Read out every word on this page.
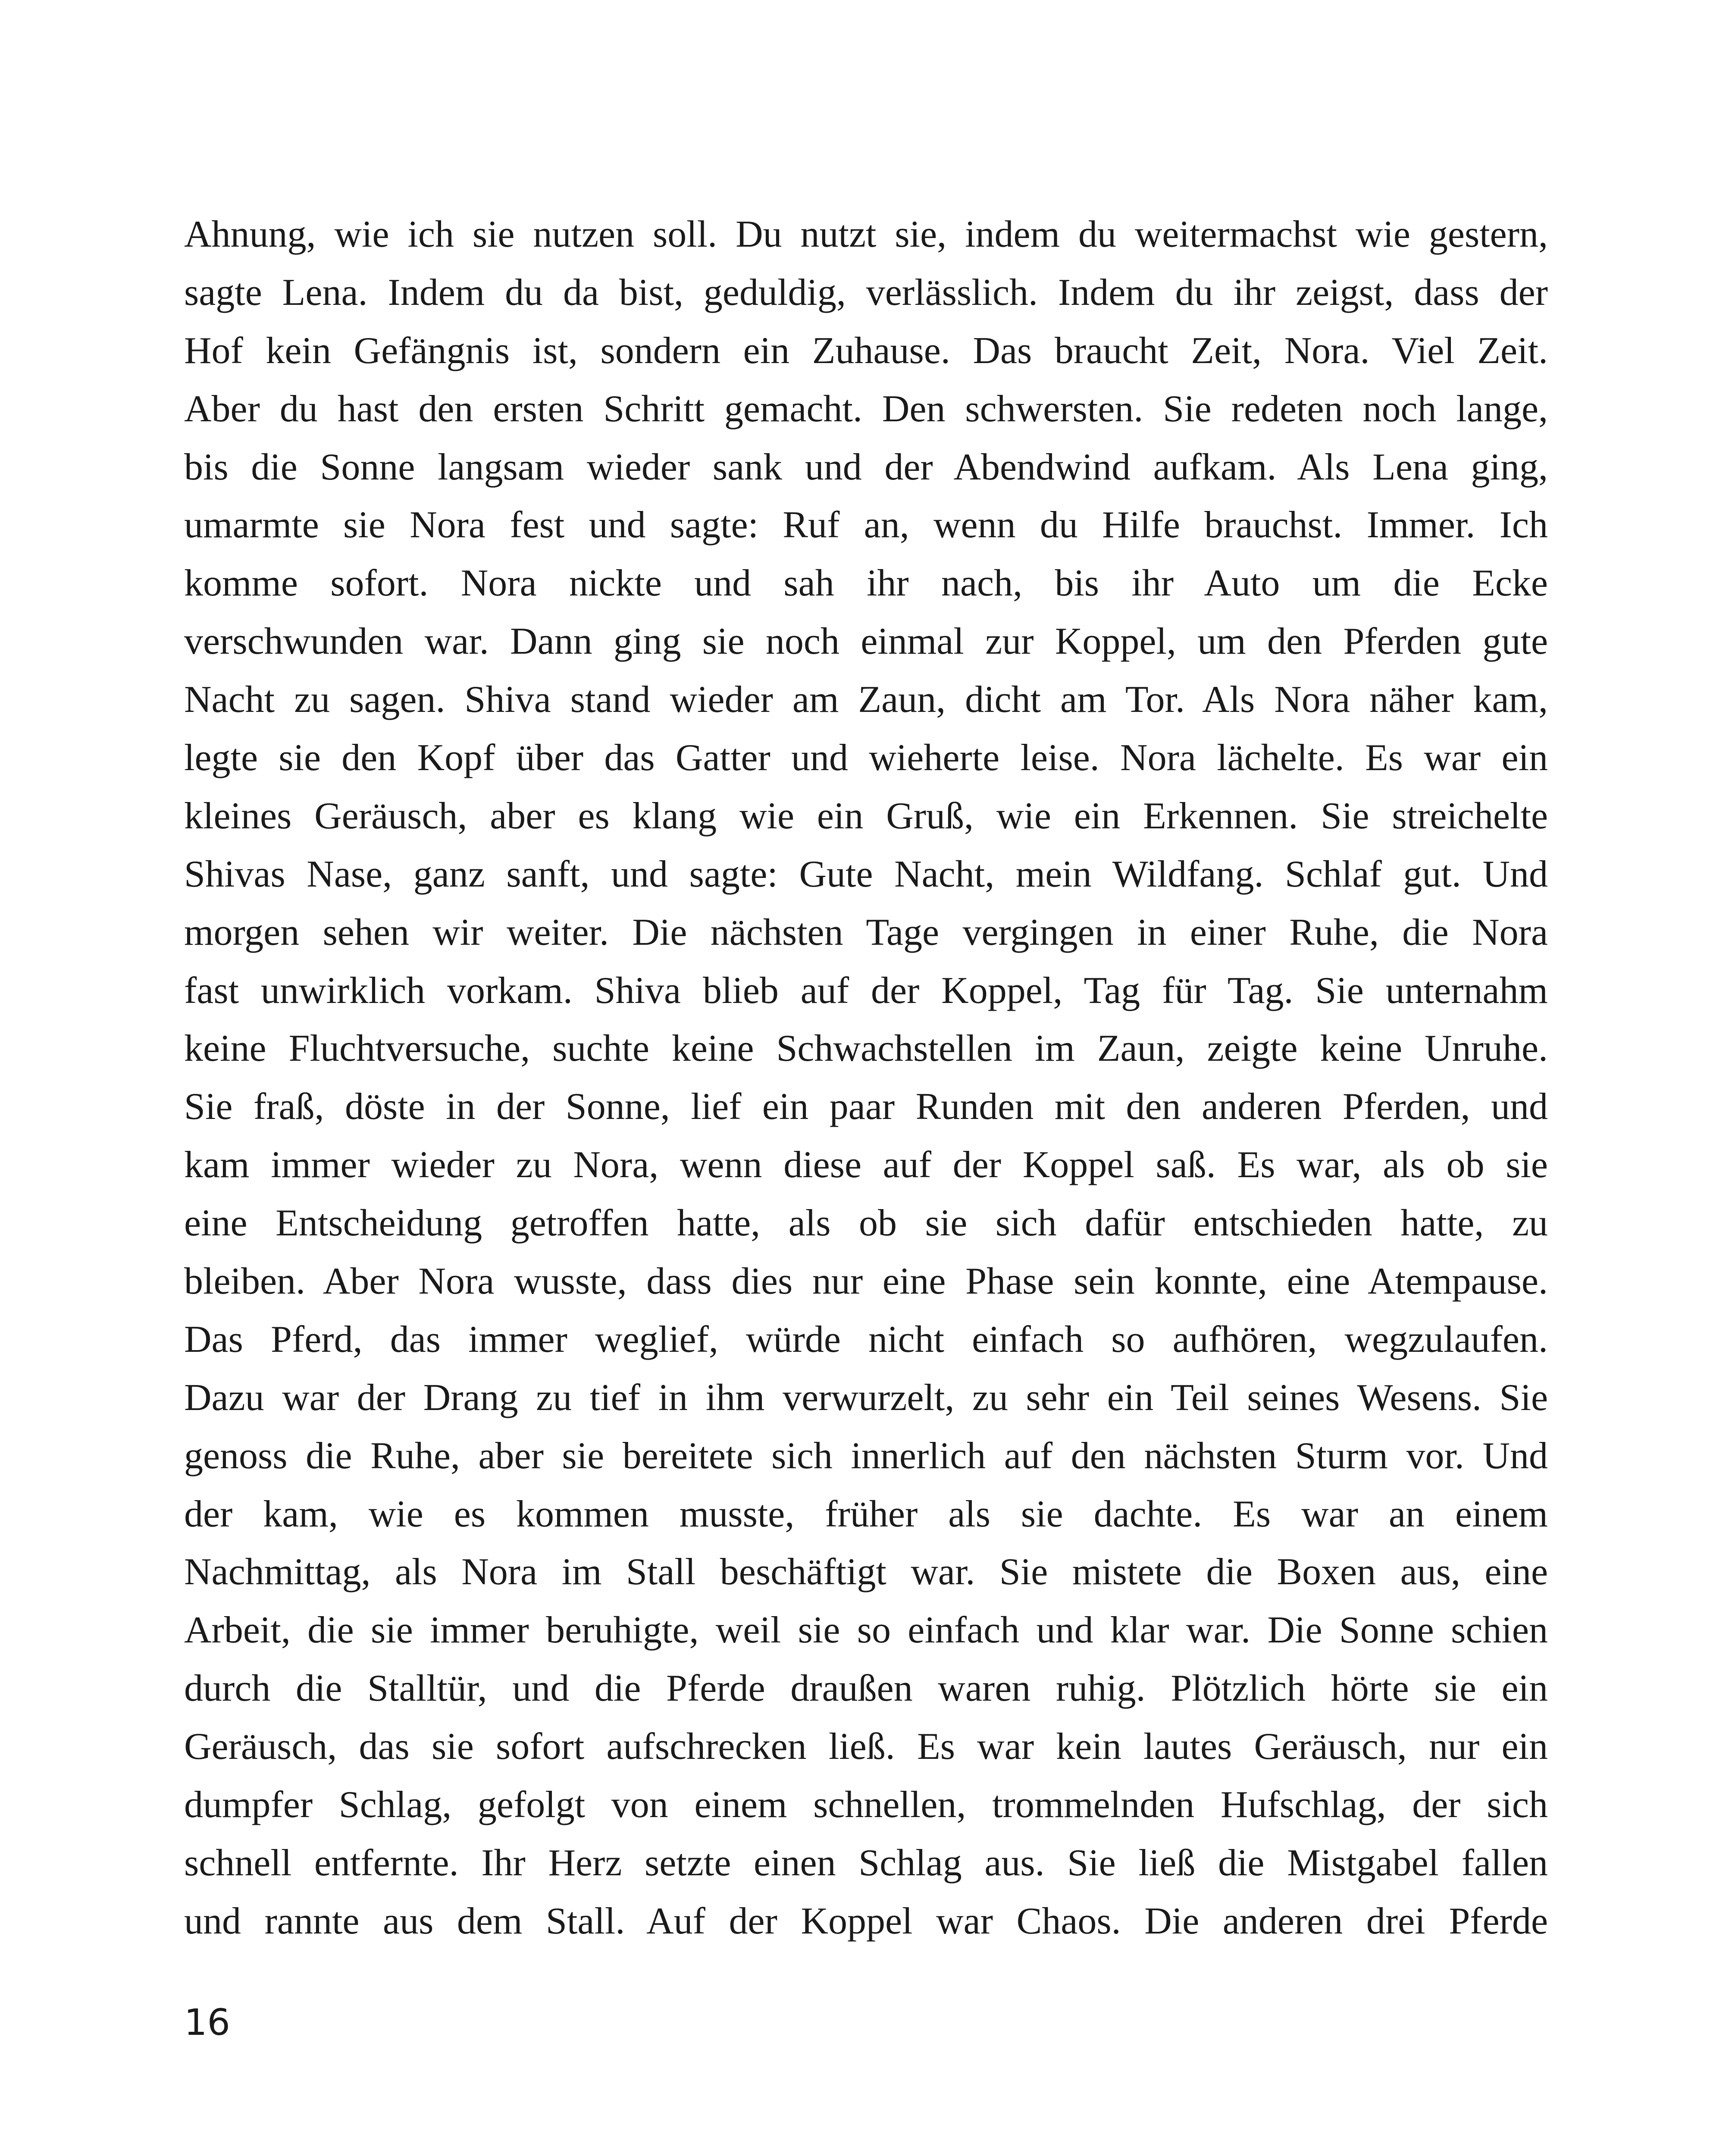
Ahnung, wie ich sie nutzen soll. Du nutzt sie, indem du weitermachst wie gestern,
sagte Lena. Indem du da bist, geduldig, verlässlich. Indem du ihr zeigst, dass der
Hof kein Gefängnis ist, sondern ein Zuhause. Das braucht Zeit, Nora. Viel Zeit.
Aber du hast den ersten Schritt gemacht. Den schwersten. Sie redeten noch lange,
bis die Sonne langsam wieder sank und der Abendwind aufkam. Als Lena ging,
umarmte sie Nora fest und sagte: Ruf an, wenn du Hilfe brauchst. Immer. Ich
komme sofort. Nora nickte und sah ihr nach, bis ihr Auto um die Ecke
verschwunden war. Dann ging sie noch einmal zur Koppel, um den Pferden gute
Nacht zu sagen. Shiva stand wieder am Zaun, dicht am Tor. Als Nora näher kam,
legte sie den Kopf über das Gatter und wieherte leise. Nora lächelte. Es war ein
kleines Geräusch, aber es klang wie ein Gruß, wie ein Erkennen. Sie streichelte
Shivas Nase, ganz sanft, und sagte: Gute Nacht, mein Wildfang. Schlaf gut. Und
morgen sehen wir weiter. Die nächsten Tage vergingen in einer Ruhe, die Nora
fast unwirklich vorkam. Shiva blieb auf der Koppel, Tag für Tag. Sie unternahm
keine Fluchtversuche, suchte keine Schwachstellen im Zaun, zeigte keine Unruhe.
Sie fraß, döste in der Sonne, lief ein paar Runden mit den anderen Pferden, und
kam immer wieder zu Nora, wenn diese auf der Koppel saß. Es war, als ob sie
eine Entscheidung getroffen hatte, als ob sie sich dafür entschieden hatte, zu
bleiben. Aber Nora wusste, dass dies nur eine Phase sein konnte, eine Atempause.
Das Pferd, das immer weglief, würde nicht einfach so aufhören, wegzulaufen.
Dazu war der Drang zu tief in ihm verwurzelt, zu sehr ein Teil seines Wesens. Sie
genoss die Ruhe, aber sie bereitete sich innerlich auf den nächsten Sturm vor. Und
der kam, wie es kommen musste, früher als sie dachte. Es war an einem
Nachmittag, als Nora im Stall beschäftigt war. Sie mistete die Boxen aus, eine
Arbeit, die sie immer beruhigte, weil sie so einfach und klar war. Die Sonne schien
durch die Stalltür, und die Pferde draußen waren ruhig. Plötzlich hörte sie ein
Geräusch, das sie sofort aufschrecken ließ. Es war kein lautes Geräusch, nur ein
dumpfer Schlag, gefolgt von einem schnellen, trommelnden Hufschlag, der sich
schnell entfernte. Ihr Herz setzte einen Schlag aus. Sie ließ die Mistgabel fallen
und rannte aus dem Stall. Auf der Koppel war Chaos. Die anderen drei Pferde
16
